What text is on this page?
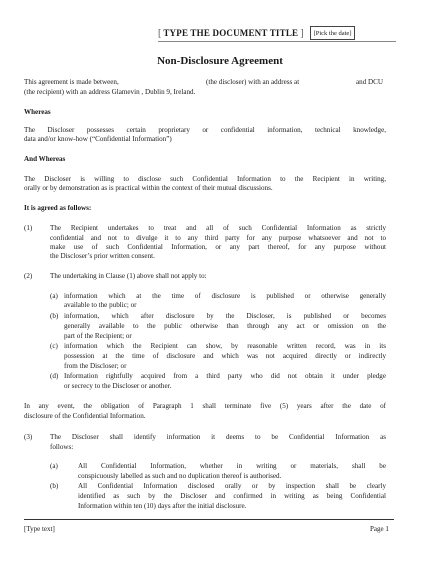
[ TYPE THE DOCUMENT TITLE ]	[Pick the date]
Non-Disclosure Agreement
This agreement is made between,	(the discloser) with an address at	and DCU
(the recipient) with an address Glamevin , Dublin 9, Ireland.
Whereas
The Discloser possesses certain proprietary or confidential information, technical knowledge,
data and/or know-how (“Confidential Information”)
And Whereas
The Discloser is willing to disclose such Confidential Information to the Recipient in writing,
orally or by demonstration as is practical within the context of their mutual discussions.
It is agreed as follows:
(1) The Recipient undertakes to treat and all of such Confidential Information as strictly
confidential and not to divulge it to any third party for any purpose whatsoever and not to
make use of such Confidential Information, or any part thereof, for any purpose without
the Discloser’s prior written consent.
(2) The undertaking in Clause (1) above shall not apply to:
(a) information which at the time of disclosure is published or otherwise generally
available to the public; or
(b) information, which after disclosure by the Discloser, is published or becomes
generally available to the public otherwise than through any act or omission on the
part of the Recipient; or
(c) information which the Recipient can show, by reasonable written record, was in its
possession at the time of disclosure and which was not acquired directly or indirectly
from the Discloser; or
(d) Information rightfully acquired from a third party who did not obtain it under pledge
or secrecy to the Discloser or another.
In any event, the obligation of Paragraph 1 shall terminate five (5) years after the date of
disclosure of the Confidential Information.
(3) The Discloser shall identify information it deems to be Confidential Information as
follows:
(a)	All Confidential Information, whether in writing or materials, shall be
conspicuously labelled as such and no duplication thereof is authorised.
(b)	All Confidential Information disclosed orally or by inspection shall be clearly
identified as such by the Discloser and confirmed in writing as being Confidential
Information within ten (10) days after the initial disclosure.
[Type text]	Page 1
